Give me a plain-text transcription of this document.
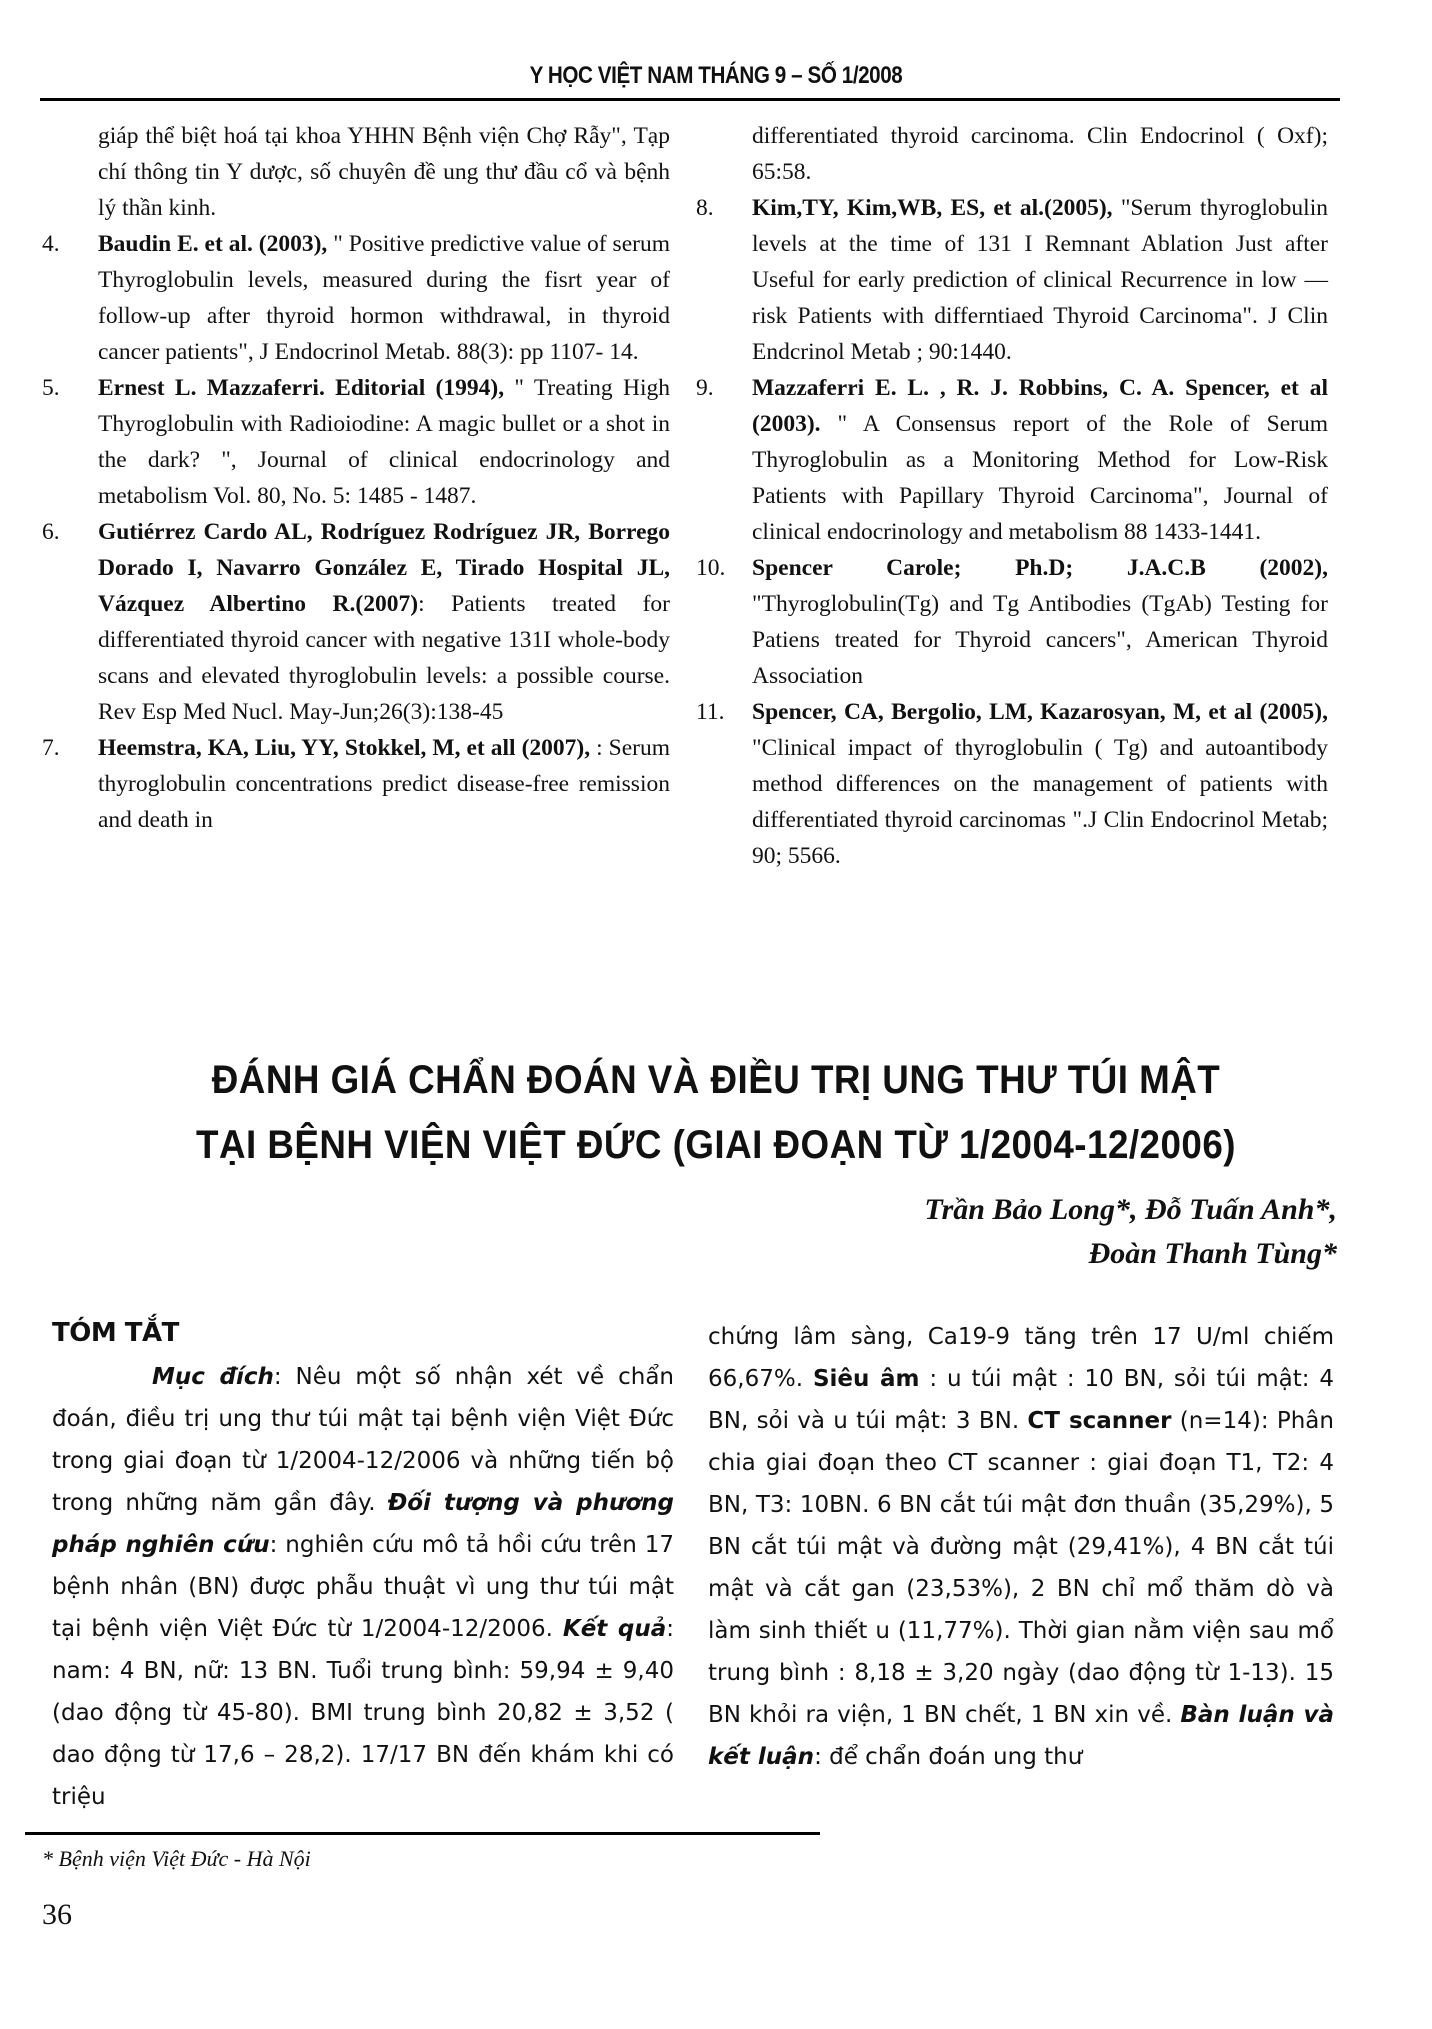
Y HỌC VIỆT NAM THÁNG 9 – SỐ 1/2008

giáp thể biệt hoá tại khoa YHHN Bệnh viện Chợ Rẫy", Tạp chí thông tin Y dược, số chuyên đề ung thư đầu cổ và bệnh lý thần kinh.

4. Baudin E. et al. (2003), " Positive predictive value of serum Thyroglobulin levels, measured during the fisrt year of follow-up after thyroid hormon withdrawal, in thyroid cancer patients", J Endocrinol Metab. 88(3): pp 1107- 14.

5. Ernest L. Mazzaferri. Editorial (1994), " Treating High Thyroglobulin with Radioiodine: A magic bullet or a shot in the dark? ", Journal of clinical endocrinology and metabolism Vol. 80, No. 5: 1485 - 1487.

6. Gutiérrez Cardo AL, Rodríguez Rodríguez JR, Borrego Dorado I, Navarro González E, Tirado Hospital JL, Vázquez Albertino R.(2007): Patients treated for differentiated thyroid cancer with negative 131I whole-body scans and elevated thyroglobulin levels: a possible course. Rev Esp Med Nucl. May-Jun;26(3):138-45

7. Heemstra, KA, Liu, YY, Stokkel, M, et all (2007), : Serum thyroglobulin concentrations predict disease-free remission and death in

differentiated thyroid carcinoma. Clin Endocrinol ( Oxf); 65:58.

8. Kim,TY, Kim,WB, ES, et al.(2005), "Serum thyroglobulin levels at the time of 131 I Remnant Ablation Just after Useful for early prediction of clinical Recurrence in low —risk Patients with differntiaed Thyroid Carcinoma". J Clin Endcrinol Metab ; 90:1440.

9. Mazzaferri E. L. , R. J. Robbins, C. A. Spencer, et al (2003). " A Consensus report of the Role of Serum Thyroglobulin as a Monitoring Method for Low-Risk Patients with Papillary Thyroid Carcinoma", Journal of clinical endocrinology and metabolism 88 1433-1441.

10. Spencer Carole; Ph.D; J.A.C.B (2002), "Thyroglobulin(Tg) and Tg Antibodies (TgAb) Testing for Patiens treated for Thyroid cancers", American Thyroid Association

11. Spencer, CA, Bergolio, LM, Kazarosyan, M, et al (2005), "Clinical impact of thyroglobulin ( Tg) and autoantibody method differences on the management of patients with differentiated thyroid carcinomas ".J Clin Endocrinol Metab; 90; 5566.

ĐÁNH GIÁ CHẨN ĐOÁN VÀ ĐIỀU TRỊ UNG THƯ TÚI MẬT
TẠI BỆNH VIỆN VIỆT ĐỨC (GIAI ĐOẠN TỪ 1/2004-12/2006)
Trần Bảo Long*, Đỗ Tuấn Anh*,
Đoàn Thanh Tùng*
TÓM TẮT

Mục đích: Nêu một số nhận xét về chẩn đoán, điều trị ung thư túi mật tại bệnh viện Việt Đức trong giai đoạn từ 1/2004-12/2006 và những tiến bộ trong những năm gần đây. Đối tượng và phương pháp nghiên cứu: nghiên cứu mô tả hồi cứu trên 17 bệnh nhân (BN) được phẫu thuật vì ung thư túi mật tại bệnh viện Việt Đức từ 1/2004-12/2006. Kết quả: nam: 4 BN, nữ: 13 BN. Tuổi trung bình: 59,94 ± 9,40 (dao động từ 45-80). BMI trung bình 20,82 ± 3,52 ( dao động từ 17,6 – 28,2). 17/17 BN đến khám khi có triệu

chứng lâm sàng, Ca19-9 tăng trên 17 U/ml chiếm 66,67%. Siêu âm : u túi mật : 10 BN, sỏi túi mật: 4 BN, sỏi và u túi mật: 3 BN. CT scanner (n=14): Phân chia giai đoạn theo CT scanner : giai đoạn T1, T2: 4 BN, T3: 10BN. 6 BN cắt túi mật đơn thuần (35,29%), 5 BN cắt túi mật và đường mật (29,41%), 4 BN cắt túi mật và cắt gan (23,53%), 2 BN chỉ mổ thăm dò và làm sinh thiết u (11,77%). Thời gian nằm viện sau mổ trung bình : 8,18 ± 3,20 ngày (dao động từ 1-13). 15 BN khỏi ra viện, 1 BN chết, 1 BN xin về. Bàn luận và kết luận: để chẩn đoán ung thư

* Bệnh viện Việt Đức - Hà Nội
36
